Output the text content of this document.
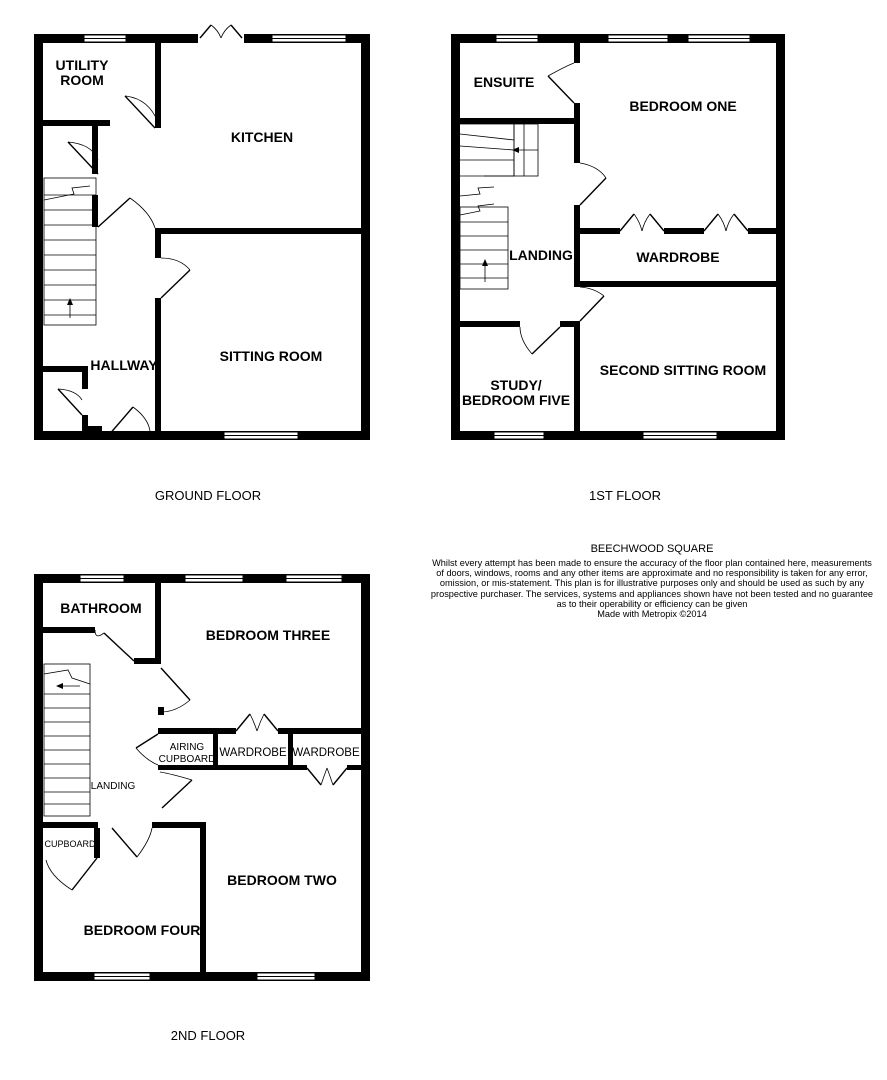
UTILITY
ROOM
KITCHEN
HALLWAY
SITTING ROOM
GROUND FLOOR
ENSUITE
BEDROOM ONE
LANDING	WARDROBE
SECOND SITTING ROOM
STUDY/
BEDROOM FIVE
1ST FLOOR
BATHROOM
BEDROOM THREE
AIRING
CUPBOARD
WARDROBE WARDROBE
LANDING
CUPBOARD
BEDROOM TWO
BEDROOM FOUR
2ND FLOOR
BEECHWOOD SQUARE
Whilst every attempt has been made to ensure the accuracy of the floor plan contained here, measurements
of doors, windows, rooms and any other items are approximate and no responsibility is taken for any error,
omission, or mis-statement. This plan is for illustrative purposes only and should be used as such by any
prospective purchaser. The services, systems and appliances shown have not been tested and no guarantee
as to their operability or efficiency can be given
Made with Metropix ©2014
